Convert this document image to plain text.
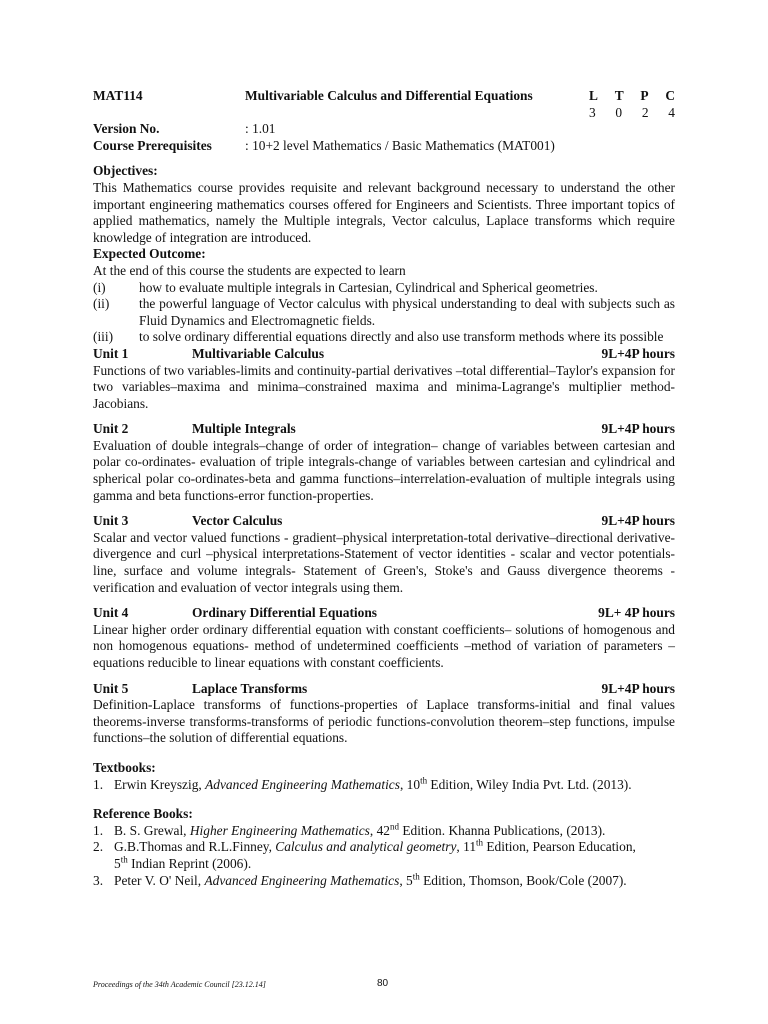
MAT114	Multivariable Calculus and Differential Equations	L T P C
3 0 2 4
Version No.	: 1.01
Course Prerequisites	: 10+2 level Mathematics / Basic Mathematics (MAT001)
Objectives:

This Mathematics course provides requisite and relevant background necessary to understand the other important engineering mathematics courses offered for Engineers and Scientists. Three important topics of applied mathematics, namely the Multiple integrals, Vector calculus, Laplace transforms which require knowledge of integration are introduced.

Expected Outcome:
At the end of this course the students are expected to learn
(i)	how to evaluate multiple integrals in Cartesian, Cylindrical and Spherical geometries.
(ii)	the powerful language of Vector calculus with physical understanding to deal with subjects such as Fluid Dynamics and Electromagnetic fields.
(iii)	to solve ordinary differential equations directly and also use transform methods where its possible
Unit 1	Multivariable Calculus	9L+4P hours

Functions of two variables-limits and continuity-partial derivatives –total differential–Taylor's expansion for two variables–maxima and minima–constrained maxima and minima-Lagrange's multiplier method- Jacobians.

Unit 2	Multiple Integrals	9L+4P hours

Evaluation of double integrals–change of order of integration– change of variables between cartesian and polar co-ordinates- evaluation of triple integrals-change of variables between cartesian and cylindrical and spherical polar co-ordinates-beta and gamma functions–interrelation-evaluation of multiple integrals using gamma and beta functions-error function-properties.

Unit 3	Vector Calculus	9L+4P hours

Scalar and vector valued functions - gradient–physical interpretation-total derivative–directional derivative-divergence and curl –physical interpretations-Statement of vector identities - scalar and vector potentials-line, surface and volume integrals- Statement of Green's, Stoke's and Gauss divergence theorems -verification and evaluation of vector integrals using them.

Unit 4	Ordinary Differential Equations	9L+ 4P hours

Linear higher order ordinary differential equation with constant coefficients– solutions of homogenous and non homogenous equations- method of undetermined coefficients –method of variation of parameters – equations reducible to linear equations with constant coefficients.

Unit 5	Laplace Transforms	9L+4P hours

Definition-Laplace transforms of functions-properties of Laplace transforms-initial and final values theorems-inverse transforms-transforms of periodic functions-convolution theorem–step functions, impulse functions–the solution of differential equations.

Textbooks:
1. Erwin Kreyszig, Advanced Engineering Mathematics, 10th Edition, Wiley India Pvt. Ltd. (2013).
Reference Books:
1. B. S. Grewal, Higher Engineering Mathematics, 42nd Edition. Khanna Publications, (2013).
2. G.B.Thomas and R.L.Finney, Calculus and analytical geometry, 11th Edition, Pearson Education,
5th Indian Reprint (2006).
3. Peter V. O' Neil, Advanced Engineering Mathematics, 5th Edition, Thomson, Book/Cole (2007).
Proceedings of the 34th Academic Council [23.12.14]	80
